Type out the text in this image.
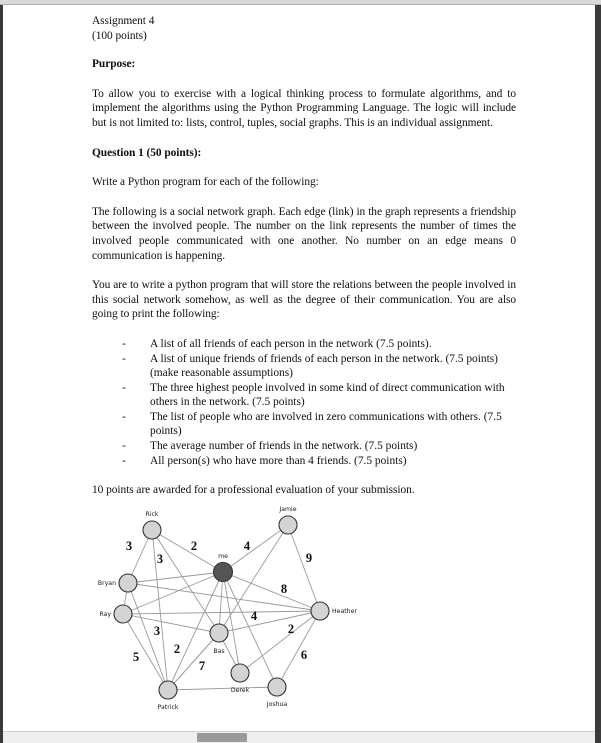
Assignment 4

(100 points)

Purpose:

To allow you to exercise with a logical thinking process to formulate algorithms, and to implement the algorithms using the Python Programming Language. The logic will include but is not limited to: lists, control, tuples, social graphs. This is an individual assignment.

Question 1 (50 points):

Write a Python program for each of the following:

The following is a social network graph. Each edge (link) in the graph represents a friendship between the involved people. The number on the link represents the number of times the involved people communicated with one another. No number on an edge means 0 communication is happening.

You are to write a python program that will store the relations between the people involved in this social network somehow, as well as the degree of their communication. You are also going to print the following:

- A list of all friends of each person in the network (7.5 points).
- A list of unique friends of friends of each person in the network. (7.5 points) (make reasonable assumptions)
- The three highest people involved in some kind of direct communication with others in the network. (7.5 points)
- The list of people who are involved in zero communications with others. (7.5 points)
- The average number of friends in the network. (7.5 points)
- All person(s) who have more than 4 friends. (7.5 points)

10 points are awarded for a professional evaluation of your submission.

3
3
2	4
9
8
4
3
5
2
7
6
2
Rick
Jamie
me
Bryan
Ray	Heather
Bas
Derek
Joshua
Patrick
